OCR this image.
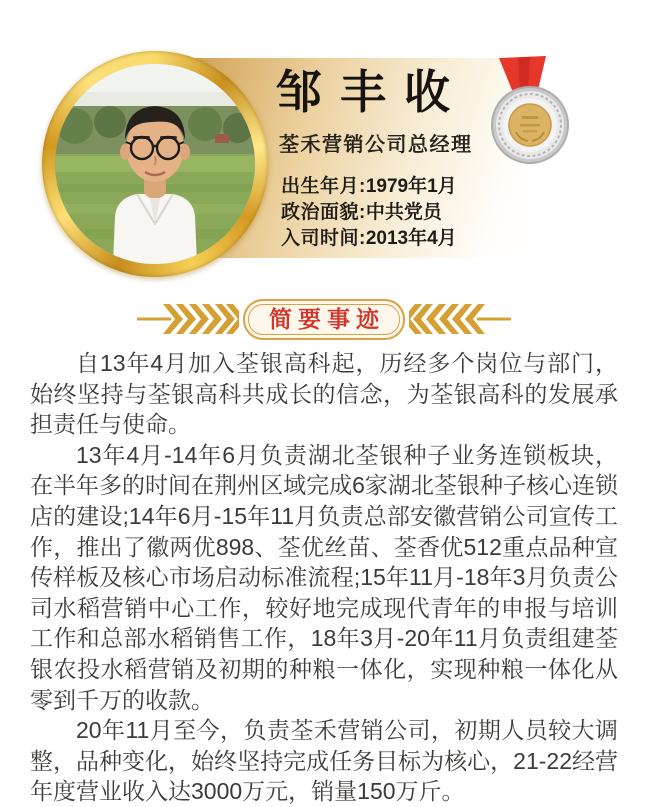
邹丰收
荃禾营销公司总经理
出生年月:1979年1月
政治面貌:中共党员
入司时间:2013年4月
简要事迹

自13年4月加入荃银高科起，历经多个岗位与部门，始终坚持与荃银高科共成长的信念，为荃银高科的发展承担责任与使命。

13年4月-14年6月负责湖北荃银种子业务连锁板块，在半年多的时间在荆州区域完成6家湖北荃银种子核心连锁店的建设;14年6月-15年11月负责总部安徽营销公司宣传工作，推出了徽两优898、荃优丝苗、荃香优512重点品种宣传样板及核心市场启动标准流程;15年11月-18年3月负责公司水稻营销中心工作，较好地完成现代青年的申报与培训工作和总部水稻销售工作，18年3月-20年11月负责组建荃银农投水稻营销及初期的种粮一体化，实现种粮一体化从零到千万的收款。

20年11月至今，负责荃禾营销公司，初期人员较大调整，品种变化，始终坚持完成任务目标为核心，21-22经营年度营业收入达3000万元，销量150万斤。
